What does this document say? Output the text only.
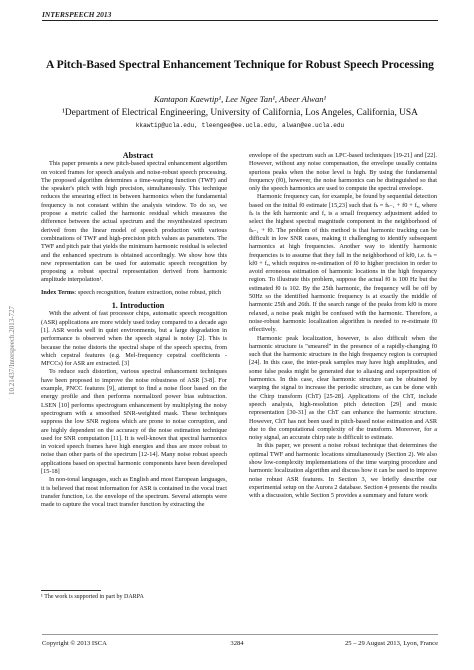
INTERSPEECH 2013
10.21437/Interspeech.2013-727
A Pitch-Based Spectral Enhancement Technique for Robust Speech Processing
Kantapon Kaewtip¹, Lee Ngee Tan¹, Abeer Alwan¹
¹Department of Electrical Engineering, University of California, Los Angeles, California, USA
kkawtip@ucla.edu, tleengee@ee.ucla.edu, alwan@ee.ucla.edu

Abstract

This paper presents a new pitch-based spectral enhancement algorithm on voiced frames for speech analysis and noise-robust speech processing. The proposed algorithm determines a time-warping function (TWF) and the speaker's pitch with high precision, simultaneously. This technique reduces the smearing effect in between harmonics when the fundamental frequency is not constant within the analysis window. To do so, we propose a metric called the harmonic residual which measures the difference between the actual spectrum and the resynthesized spectrum derived from the linear model of speech production with various combinations of TWF and high-precision pitch values as parameters. The TWF and pitch pair that yields the minimum harmonic residual is selected and the enhanced spectrum is obtained accordingly. We show how this new representation can be used for automatic speech recognition by proposing a robust spectral representation derived from harmonic amplitude interpolation¹.

Index Terms: speech recognition, feature extraction, noise robust, pitch

1. Introduction

With the advent of fast processor chips, automatic speech recognition (ASR) applications are more widely used today compared to a decade ago [1]. ASR works well in quiet environments, but a large degradation in performance is observed when the speech signal is noisy [2]. This is because the noise distorts the spectral shape of the speech spectra, from which cepstral features (e.g. Mel-frequency cepstral coefficients - MFCCs) for ASR are extracted. [3]

To reduce such distortion, various spectral enhancement techniques have been proposed to improve the noise robustness of ASR [3-8]. For example, PNCC features [9], attempt to find a noise floor based on the energy profile and then performs normalized power bias subtraction. LSEN [10] performs spectrogram enhancement by multiplying the noisy spectrogram with a smoothed SNR-weighted mask. These techniques suppress the low SNR regions which are prone to noise corruption, and are highly dependent on the accuracy of the noise estimation technique used for SNR computation [11]. It is well-known that spectral harmonics in voiced speech frames have high energies and thus are more robust to noise than other parts of the spectrum [12-14]. Many noise robust speech applications based on spectral harmonic components have been developed [15-18]

In non-tonal languages, such as English and most European languages, it is believed that most information for ASR is contained in the vocal tract transfer function, i.e. the envelope of the spectrum. Several attempts were made to capture the vocal tract transfer function by extracting the

envelope of the spectrum such as LPC-based techniques [19-21] and [22]. However, without any noise compensation, the envelope usually contains spurious peaks when the noise level is high. By using the fundamental frequency (f0), however, the noise harmonics can be distinguished so that only the speech harmonics are used to compute the spectral envelope.

Harmonic frequency can, for example, be found by sequential detection based on the initial f0 estimate [15,23] such that fₖ = fₖ₋₁ + f0 + fₑ, where fₖ is the kth harmonic and fₑ is a small frequency adjustment added to select the highest spectral magnitude component in the neighborhood of fₖ₋₁ + f0. The problem of this method is that harmonic tracking can be difficult in low SNR cases, making it challenging to identify subsequent harmonics at high frequencies. Another way to identify harmonic frequencies is to assume that they fall in the neighborhood of kf0, i.e. fₖ = kf0 + fₑ, which requires re-estimation of f0 to higher precision in order to avoid erroneous estimation of harmonic locations in the high frequency region. To illustrate this problem, suppose the actual f0 is 100 Hz but the estimated f0 is 102. By the 25th harmonic, the frequency will be off by 50Hz so the identified harmonic frequency is at exactly the middle of harmonic 25th and 26th. If the search range of the peaks from kf0 is more relaxed, a noise peak might be confused with the harmonic. Therefore, a noise-robust harmonic localization algorithm is needed to re-estimate f0 effectively.

Harmonic peak localization, however, is also difficult when the harmonic structure is "smeared" in the presence of a rapidly-changing f0 such that the harmonic structure in the high frequency region is corrupted [24]. In this case, the inter-peak samples may have high amplitudes, and some false peaks might be generated due to aliasing and superposition of harmonics. In this case, clear harmonic structure can be obtained by warping the signal to increase the periodic structure, as can be done with the Chirp transform (ChT) [25-28]. Applications of the ChT, include speech analysis, high-resolution pitch detection [29] and music representation [30-31] as the ChT can enhance the harmonic structure. However, ChT has not been used in pitch-based noise estimation and ASR due to the computational complexity of the transform. Moreover, for a noisy signal, an accurate chirp rate is difficult to estimate.

In this paper, we present a noise robust technique that determines the optimal TWF and harmonic locations simultaneously (Section 2). We also show low-complexity implementations of the time warping procedure and harmonic localization algorithm and discuss how it can be used to improve noise robust ASR features. In Section 3, we briefly describe our experimental setup on the Aurora 2 database. Section 4 presents the results with a discussion, while Section 5 provides a summary and future work

¹ The work is supported in part by DARPA
Copyright © 2013 ISCA	3284	25 – 29 August 2013, Lyon, France
